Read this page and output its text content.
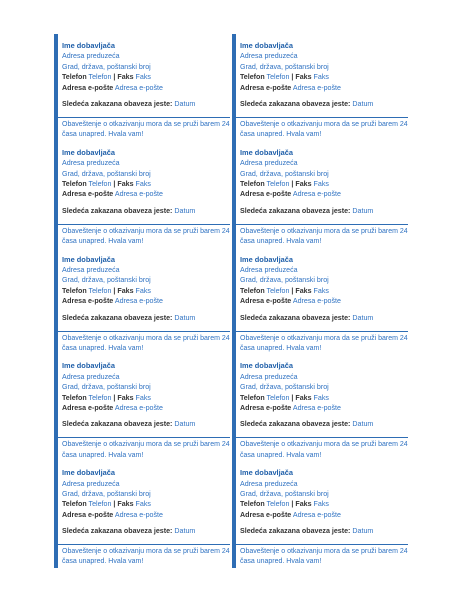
Ime dobavljača
Adresa preduzeća
Grad, država, poštanski broj
Telefon Telefon | Faks Faks
Adresa e-pošte Adresa e-pošte
Sledeća zakazana obaveza jeste: Datum
Obaveštenje o otkazivanju mora da se pruži barem 24 časa unapred. Hvala vam!
Ime dobavljača
Adresa preduzeća
Grad, država, poštanski broj
Telefon Telefon | Faks Faks
Adresa e-pošte Adresa e-pošte
Sledeća zakazana obaveza jeste: Datum
Obaveštenje o otkazivanju mora da se pruži barem 24 časa unapred. Hvala vam!
Ime dobavljača
Adresa preduzeća
Grad, država, poštanski broj
Telefon Telefon | Faks Faks
Adresa e-pošte Adresa e-pošte
Sledeća zakazana obaveza jeste: Datum
Obaveštenje o otkazivanju mora da se pruži barem 24 časa unapred. Hvala vam!
Ime dobavljača
Adresa preduzeća
Grad, država, poštanski broj
Telefon Telefon | Faks Faks
Adresa e-pošte Adresa e-pošte
Sledeća zakazana obaveza jeste: Datum
Obaveštenje o otkazivanju mora da se pruži barem 24 časa unapred. Hvala vam!
Ime dobavljača
Adresa preduzeća
Grad, država, poštanski broj
Telefon Telefon | Faks Faks
Adresa e-pošte Adresa e-pošte
Sledeća zakazana obaveza jeste: Datum
Obaveštenje o otkazivanju mora da se pruži barem 24 časa unapred. Hvala vam!
Ime dobavljača
Adresa preduzeća
Grad, država, poštanski broj
Telefon Telefon | Faks Faks
Adresa e-pošte Adresa e-pošte
Sledeća zakazana obaveza jeste: Datum
Obaveštenje o otkazivanju mora da se pruži barem 24 časa unapred. Hvala vam!
Ime dobavljača
Adresa preduzeća
Grad, država, poštanski broj
Telefon Telefon | Faks Faks
Adresa e-pošte Adresa e-pošte
Sledeća zakazana obaveza jeste: Datum
Obaveštenje o otkazivanju mora da se pruži barem 24 časa unapred. Hvala vam!
Ime dobavljača
Adresa preduzeća
Grad, država, poštanski broj
Telefon Telefon | Faks Faks
Adresa e-pošte Adresa e-pošte
Sledeća zakazana obaveza jeste: Datum
Obaveštenje o otkazivanju mora da se pruži barem 24 časa unapred. Hvala vam!
Ime dobavljača
Adresa preduzeća
Grad, država, poštanski broj
Telefon Telefon | Faks Faks
Adresa e-pošte Adresa e-pošte
Sledeća zakazana obaveza jeste: Datum
Obaveštenje o otkazivanju mora da se pruži barem 24 časa unapred. Hvala vam!
Ime dobavljača
Adresa preduzeća
Grad, država, poštanski broj
Telefon Telefon | Faks Faks
Adresa e-pošte Adresa e-pošte
Sledeća zakazana obaveza jeste: Datum
Obaveštenje o otkazivanju mora da se pruži barem 24 časa unapred. Hvala vam!
